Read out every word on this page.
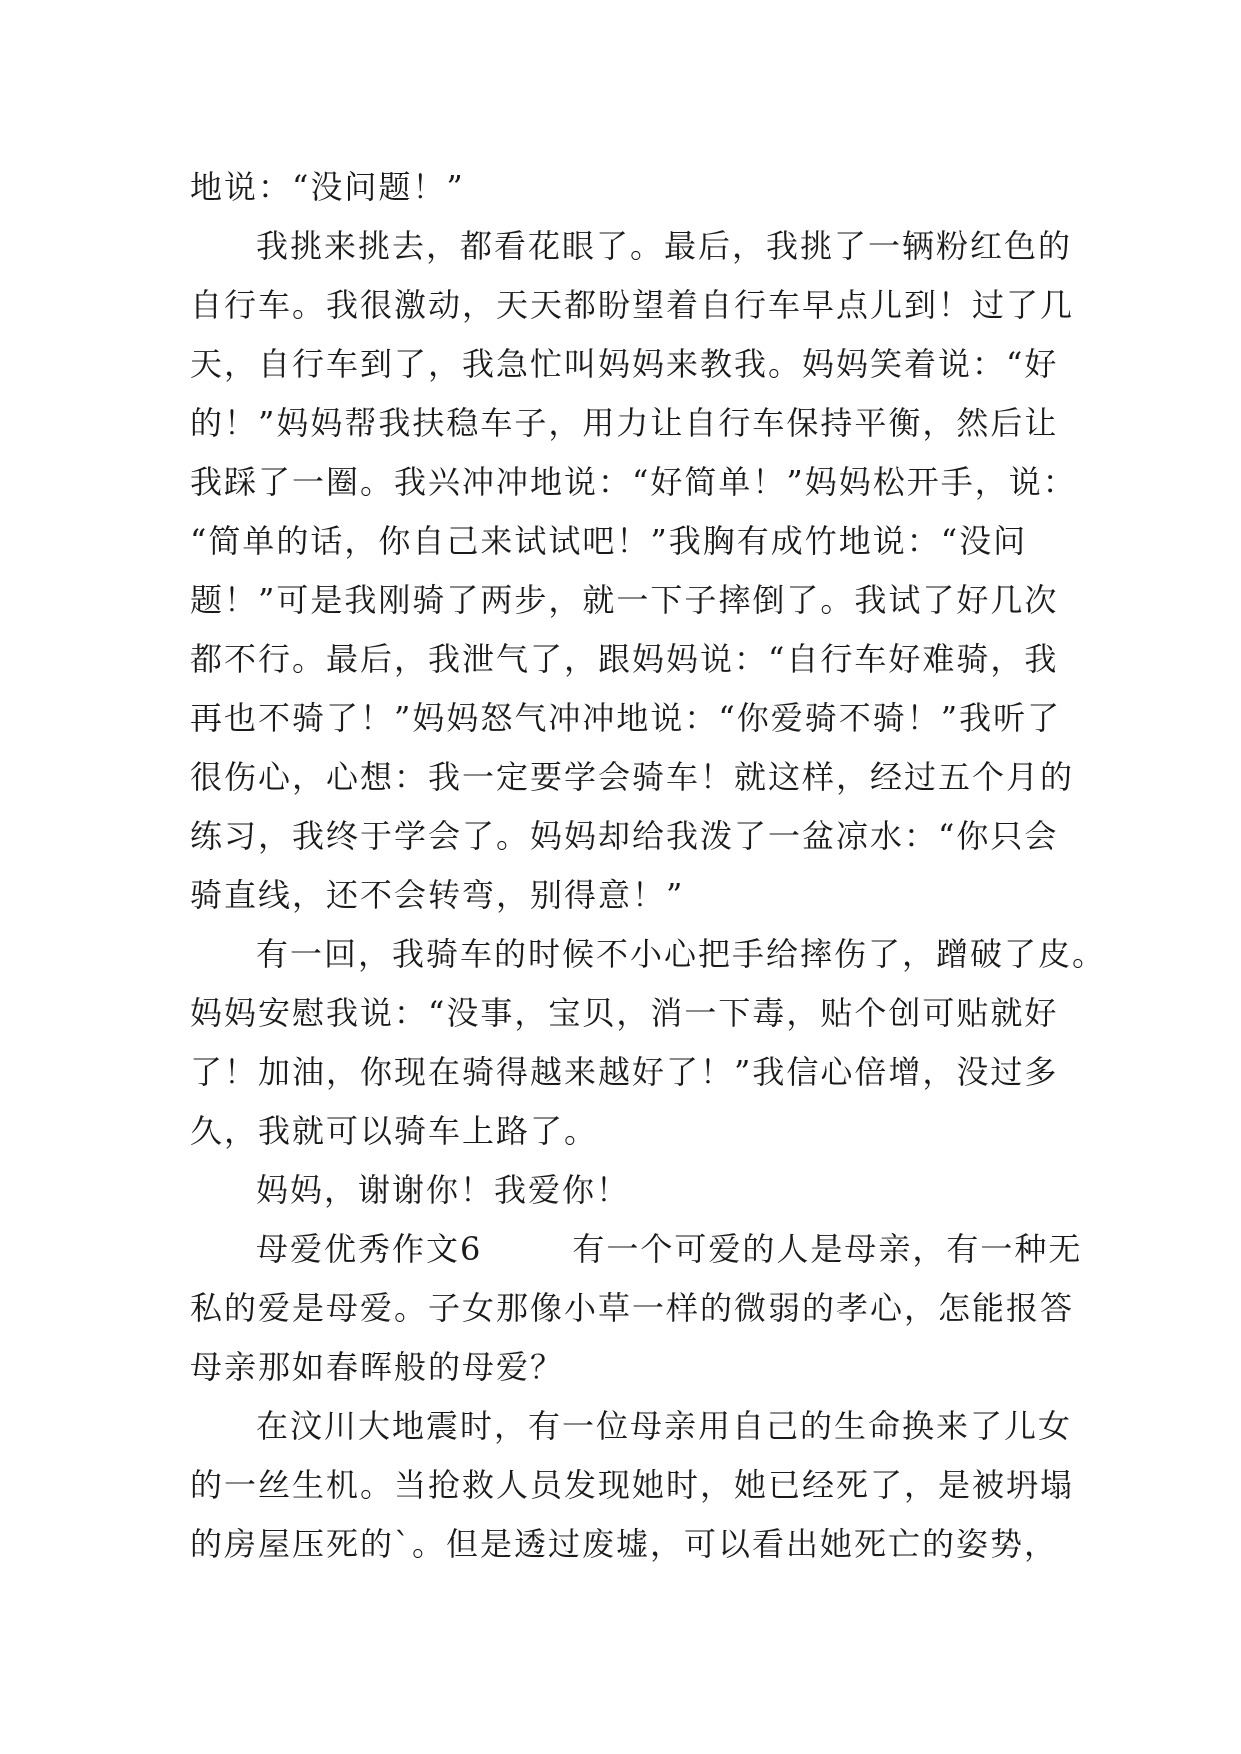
地说：“没问题！”
我挑来挑去，都看花眼了。最后，我挑了一辆粉红色的
自行车。我很激动，天天都盼望着自行车早点儿到！过了几
天，自行车到了，我急忙叫妈妈来教我。妈妈笑着说：“好
的！”妈妈帮我扶稳车子，用力让自行车保持平衡，然后让
我踩了一圈。我兴冲冲地说：“好简单！”妈妈松开手，说：
“简单的话，你自己来试试吧！”我胸有成竹地说：“没问
题！”可是我刚骑了两步，就一下子摔倒了。我试了好几次
都不行。最后，我泄气了，跟妈妈说：“自行车好难骑，我
再也不骑了！”妈妈怒气冲冲地说：“你爱骑不骑！”我听了
很伤心，心想：我一定要学会骑车！就这样，经过五个月的
练习，我终于学会了。妈妈却给我泼了一盆凉水：“你只会
骑直线，还不会转弯，别得意！”
有一回，我骑车的时候不小心把手给摔伤了，蹭破了皮。
妈妈安慰我说：“没事，宝贝，消一下毒，贴个创可贴就好
了！加油，你现在骑得越来越好了！”我信心倍增，没过多
久，我就可以骑车上路了。
妈妈，谢谢你！我爱你！
母爱优秀作文6	有一个可爱的人是母亲，有一种无
私的爱是母爱。子女那像小草一样的微弱的孝心，怎能报答
母亲那如春晖般的母爱？
在汶川大地震时，有一位母亲用自己的生命换来了儿女
的一丝生机。当抢救人员发现她时，她已经死了，是被坍塌
的房屋压死的`。但是透过废墟，可以看出她死亡的姿势，
